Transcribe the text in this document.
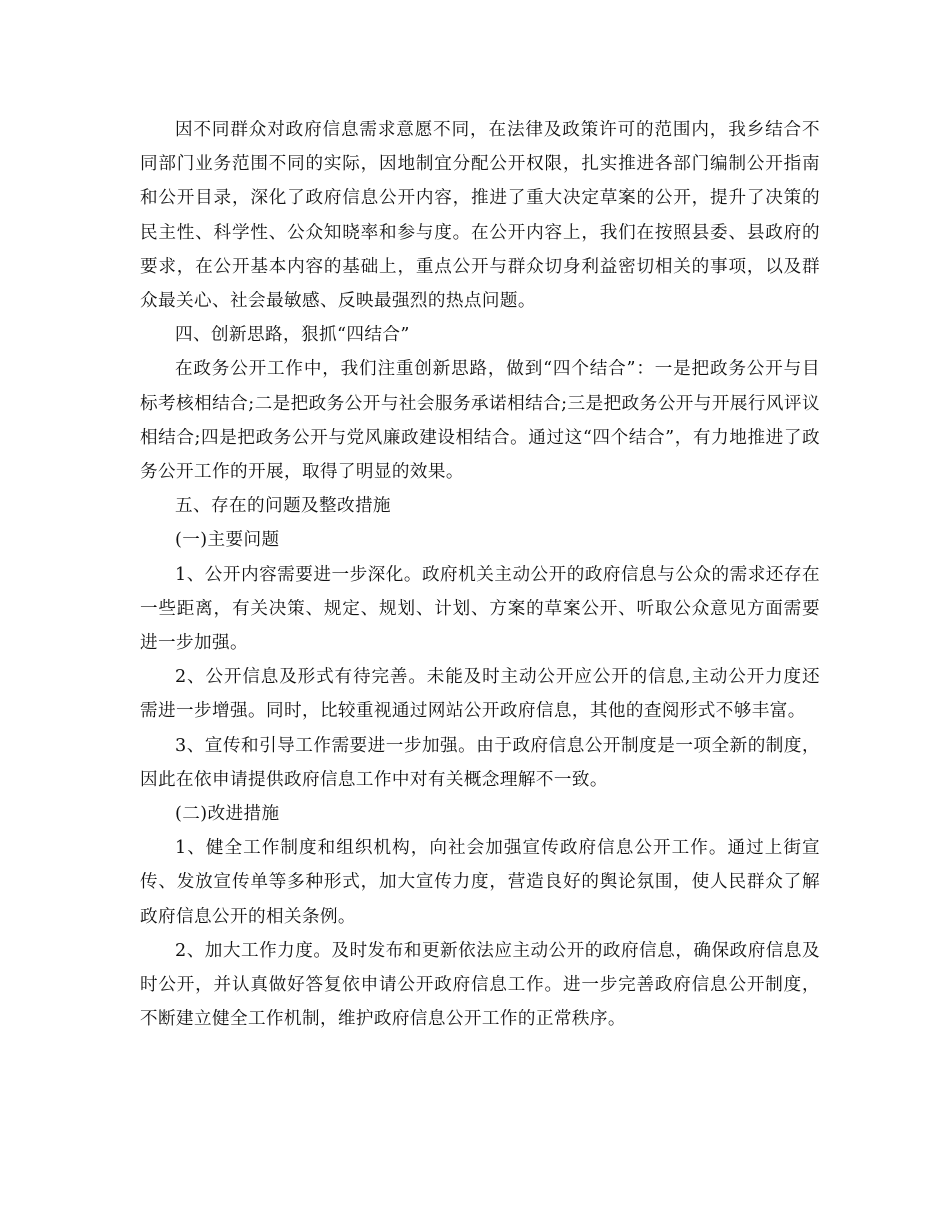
因不同群众对政府信息需求意愿不同，在法律及政策许可的范围内，我乡结合不同部门业务范围不同的实际，因地制宜分配公开权限，扎实推进各部门编制公开指南和公开目录，深化了政府信息公开内容，推进了重大决定草案的公开，提升了决策的民主性、科学性、公众知晓率和参与度。在公开内容上，我们在按照县委、县政府的要求，在公开基本内容的基础上，重点公开与群众切身利益密切相关的事项，以及群众最关心、社会最敏感、反映最强烈的热点问题。

四、创新思路，狠抓“四结合”

在政务公开工作中，我们注重创新思路，做到“四个结合”：一是把政务公开与目标考核相结合;二是把政务公开与社会服务承诺相结合;三是把政务公开与开展行风评议相结合;四是把政务公开与党风廉政建设相结合。通过这“四个结合”，有力地推进了政务公开工作的开展，取得了明显的效果。

五、存在的问题及整改措施

(一)主要问题

1、公开内容需要进一步深化。政府机关主动公开的政府信息与公众的需求还存在一些距离，有关决策、规定、规划、计划、方案的草案公开、听取公众意见方面需要进一步加强。

2、公开信息及形式有待完善。未能及时主动公开应公开的信息,主动公开力度还需进一步增强。同时，比较重视通过网站公开政府信息，其他的查阅形式不够丰富。

3、宣传和引导工作需要进一步加强。由于政府信息公开制度是一项全新的制度，因此在依申请提供政府信息工作中对有关概念理解不一致。

(二)改进措施

1、健全工作制度和组织机构，向社会加强宣传政府信息公开工作。通过上街宣传、发放宣传单等多种形式，加大宣传力度，营造良好的舆论氛围，使人民群众了解政府信息公开的相关条例。

2、加大工作力度。及时发布和更新依法应主动公开的政府信息，确保政府信息及时公开，并认真做好答复依申请公开政府信息工作。进一步完善政府信息公开制度，不断建立健全工作机制，维护政府信息公开工作的正常秩序。
